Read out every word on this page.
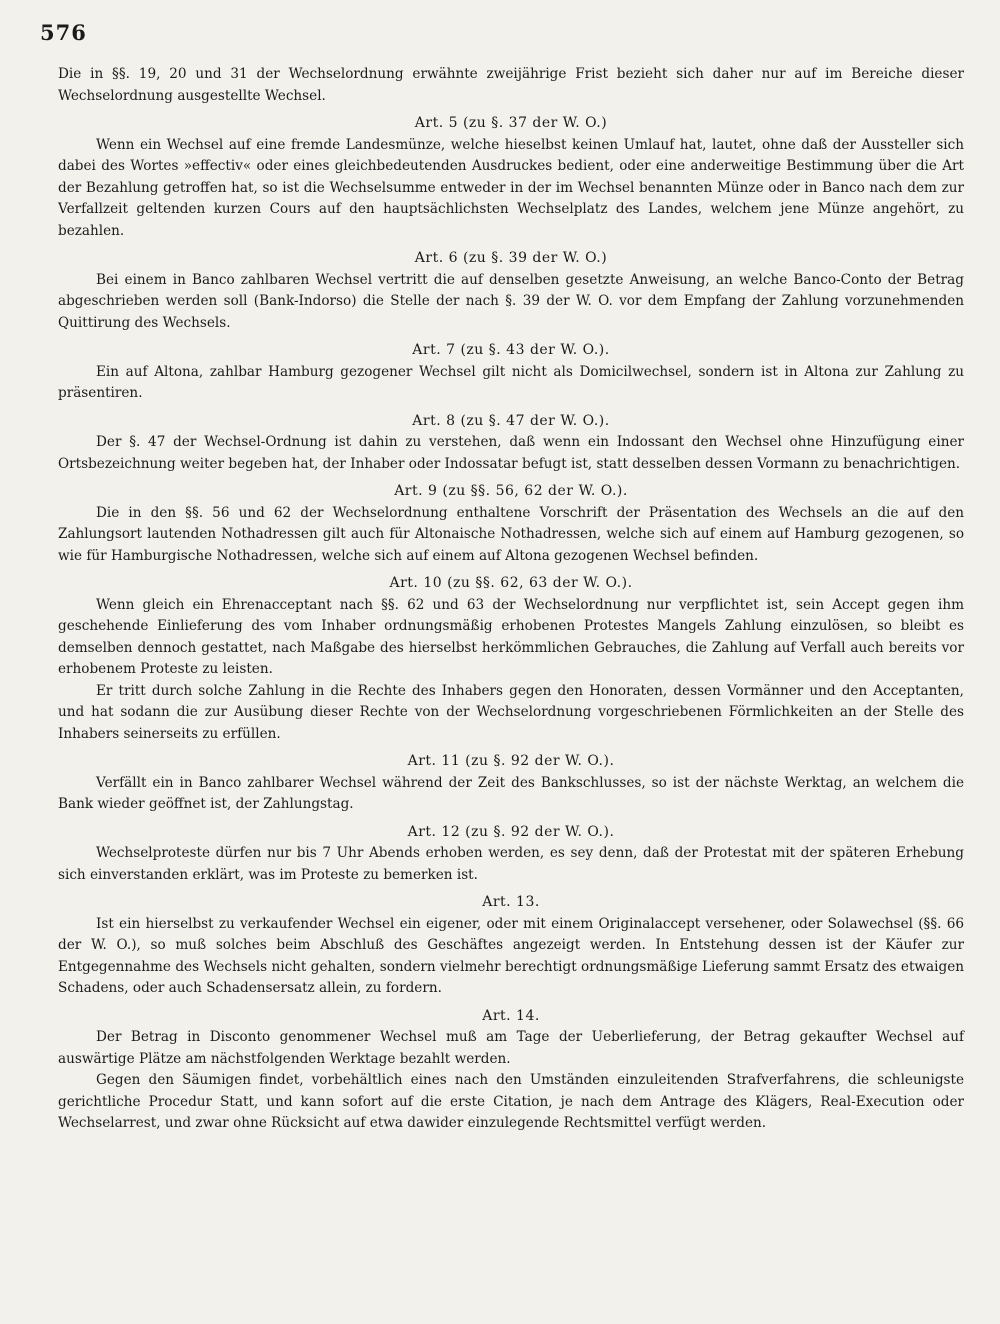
576

Die in §§. 19, 20 und 31 der Wechselordnung erwähnte zweijährige Frist bezieht sich daher nur auf im Bereiche dieser Wechselordnung ausgestellte Wechsel.

Art. 5 (zu §. 37 der W. O.)

Wenn ein Wechsel auf eine fremde Landesmünze, welche hieselbst keinen Umlauf hat, lautet, ohne daß der Aussteller sich dabei des Wortes »effectiv« oder eines gleichbedeutenden Ausdruckes bedient, oder eine anderweitige Bestimmung über die Art der Bezahlung getroffen hat, so ist die Wechselsumme entweder in der im Wechsel benannten Münze oder in Banco nach dem zur Verfallzeit geltenden kurzen Cours auf den hauptsächlichsten Wechselplatz des Landes, welchem jene Münze angehört, zu bezahlen.

Art. 6 (zu §. 39 der W. O.)

Bei einem in Banco zahlbaren Wechsel vertritt die auf denselben gesetzte Anweisung, an welche Banco-Conto der Betrag abgeschrieben werden soll (Bank-Indorso) die Stelle der nach §. 39 der W. O. vor dem Empfang der Zahlung vorzunehmenden Quittirung des Wechsels.

Art. 7 (zu §. 43 der W. O.).

Ein auf Altona, zahlbar Hamburg gezogener Wechsel gilt nicht als Domicilwechsel, sondern ist in Altona zur Zahlung zu präsentiren.

Art. 8 (zu §. 47 der W. O.).

Der §. 47 der Wechsel-Ordnung ist dahin zu verstehen, daß wenn ein Indossant den Wechsel ohne Hinzufügung einer Ortsbezeichnung weiter begeben hat, der Inhaber oder Indossatar befugt ist, statt desselben dessen Vormann zu benachrichtigen.

Art. 9 (zu §§. 56, 62 der W. O.).

Die in den §§. 56 und 62 der Wechselordnung enthaltene Vorschrift der Präsentation des Wechsels an die auf den Zahlungsort lautenden Nothadressen gilt auch für Altonaische Nothadressen, welche sich auf einem auf Hamburg gezogenen, so wie für Hamburgische Nothadressen, welche sich auf einem auf Altona gezogenen Wechsel befinden.

Art. 10 (zu §§. 62, 63 der W. O.).

Wenn gleich ein Ehrenacceptant nach §§. 62 und 63 der Wechselordnung nur verpflichtet ist, sein Accept gegen ihm geschehende Einlieferung des vom Inhaber ordnungsmäßig erhobenen Protestes Mangels Zahlung einzulösen, so bleibt es demselben dennoch gestattet, nach Maßgabe des hierselbst herkömmlichen Gebrauches, die Zahlung auf Verfall auch bereits vor erhobenem Proteste zu leisten.

Er tritt durch solche Zahlung in die Rechte des Inhabers gegen den Honoraten, dessen Vormänner und den Acceptanten, und hat sodann die zur Ausübung dieser Rechte von der Wechselordnung vorgeschriebenen Förmlichkeiten an der Stelle des Inhabers seinerseits zu erfüllen.

Art. 11 (zu §. 92 der W. O.).

Verfällt ein in Banco zahlbarer Wechsel während der Zeit des Bankschlusses, so ist der nächste Werktag, an welchem die Bank wieder geöffnet ist, der Zahlungstag.

Art. 12 (zu §. 92 der W. O.).

Wechselproteste dürfen nur bis 7 Uhr Abends erhoben werden, es sey denn, daß der Protestat mit der späteren Erhebung sich einverstanden erklärt, was im Proteste zu bemerken ist.

Art. 13.

Ist ein hierselbst zu verkaufender Wechsel ein eigener, oder mit einem Originalaccept versehener, oder Solawechsel (§§. 66 der W. O.), so muß solches beim Abschluß des Geschäftes angezeigt werden. In Entstehung dessen ist der Käufer zur Entgegennahme des Wechsels nicht gehalten, sondern vielmehr berechtigt ordnungsmäßige Lieferung sammt Ersatz des etwaigen Schadens, oder auch Schadensersatz allein, zu fordern.

Art. 14.

Der Betrag in Disconto genommener Wechsel muß am Tage der Ueberlieferung, der Betrag gekaufter Wechsel auf auswärtige Plätze am nächstfolgenden Werktage bezahlt werden.

Gegen den Säumigen findet, vorbehältlich eines nach den Umständen einzuleitenden Strafverfahrens, die schleunigste gerichtliche Procedur Statt, und kann sofort auf die erste Citation, je nach dem Antrage des Klägers, Real-Execution oder Wechselarrest, und zwar ohne Rücksicht auf etwa dawider einzulegende Rechtsmittel verfügt werden.
